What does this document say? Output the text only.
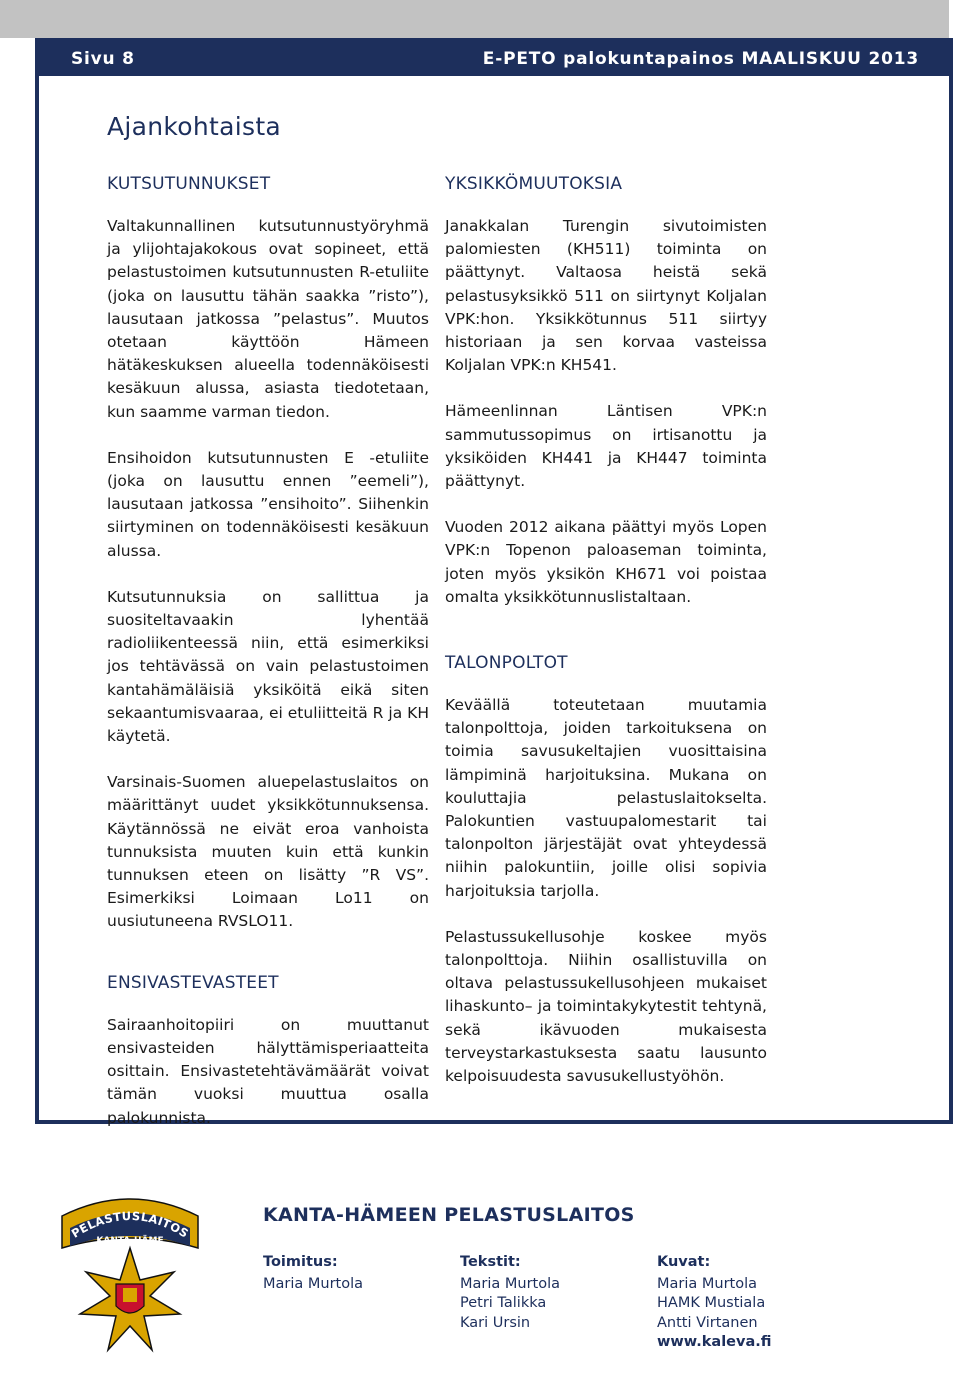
Sivu 8	E-PETO palokuntapainos MAALISKUU 2013
Ajankohtaista
KUTSUTUNNUKSET

Valtakunnallinen kutsutunnustyöryhmä ja ylijohtajakokous ovat sopineet, että pelastustoimen kutsutunnusten R-etuliite (joka on lausuttu tähän saakka ”risto”), lausutaan jatkossa ”pelastus”. Muutos otetaan käyttöön Hämeen hätäkeskuksen alueella todennäköisesti kesäkuun alussa, asiasta tiedotetaan, kun saamme varman tiedon.

Ensihoidon kutsutunnusten E -etuliite (joka on lausuttu ennen ”eemeli”), lausutaan jatkossa ”ensihoito”. Siihenkin siirtyminen on todennäköisesti kesäkuun alussa.

Kutsutunnuksia on sallittua ja suositeltavaakin lyhentää radioliikenteessä niin, että esimerkiksi jos tehtävässä on vain pelastustoimen kantahämäläisiä yksiköitä eikä siten sekaantumisvaaraa, ei etuliitteitä R ja KH käytetä.

Varsinais-Suomen aluepelastuslaitos on määrittänyt uudet yksikkötunnuksensa. Käytännössä ne eivät eroa vanhoista tunnuksista muuten kuin että kunkin tunnuksen eteen on lisätty ”R VS”. Esimerkiksi Loimaan Lo11 on uusiutuneena RVSLO11.

ENSIVASTEVASTEET

Sairaanhoitopiiri on muuttanut ensivasteiden hälyttämisperiaatteita osittain. Ensivastetehtävämäärät voivat tämän vuoksi muuttua osalla palokunnista.

YKSIKKÖMUUTOKSIA

Janakkalan Turengin sivutoimisten palomiesten (KH511) toiminta on päättynyt. Valtaosa heistä sekä pelastusyksikkö 511 on siirtynyt Koljalan VPK:hon. Yksikkötunnus 511 siirtyy historiaan ja sen korvaa vasteissa Koljalan VPK:n KH541.

Hämeenlinnan Läntisen VPK:n sammutussopimus on irtisanottu ja yksiköiden KH441 ja KH447 toiminta päättynyt.

Vuoden 2012 aikana päättyi myös Lopen VPK:n Topenon paloaseman toiminta, joten myös yksikön KH671 voi poistaa omalta yksikkötunnuslistaltaan.

TALONPOLTOT

Keväällä toteutetaan muutamia talonpolttoja, joiden tarkoituksena on toimia savusukeltajien vuosittaisina lämpiminä harjoituksina. Mukana on kouluttajia pelastuslaitokselta. Palokuntien vastuupalomestarit tai talonpolton järjestäjät ovat yhteydessä niihin palokuntiin, joille olisi sopivia harjoituksia tarjolla.

Pelastussukellusohje koskee myös talonpolttoja. Niihin osallistuvilla on oltava pelastussukellusohjeen mukaiset lihaskunto– ja toimintakykytestit tehtynä, sekä ikävuoden mukaisesta terveystarkastuksesta saatu lausunto kelpoisuudesta savusukellustyöhön.

PELASTUSLAITOS
KANTA-HÄME
KANTA-HÄMEEN PELASTUSLAITOS
Toimitus:
Maria Murtola
Tekstit:
Maria Murtola
Petri Talikka
Kari Ursin
Kuvat:
Maria Murtola
HAMK Mustiala
Antti Virtanen
www.kaleva.fi
